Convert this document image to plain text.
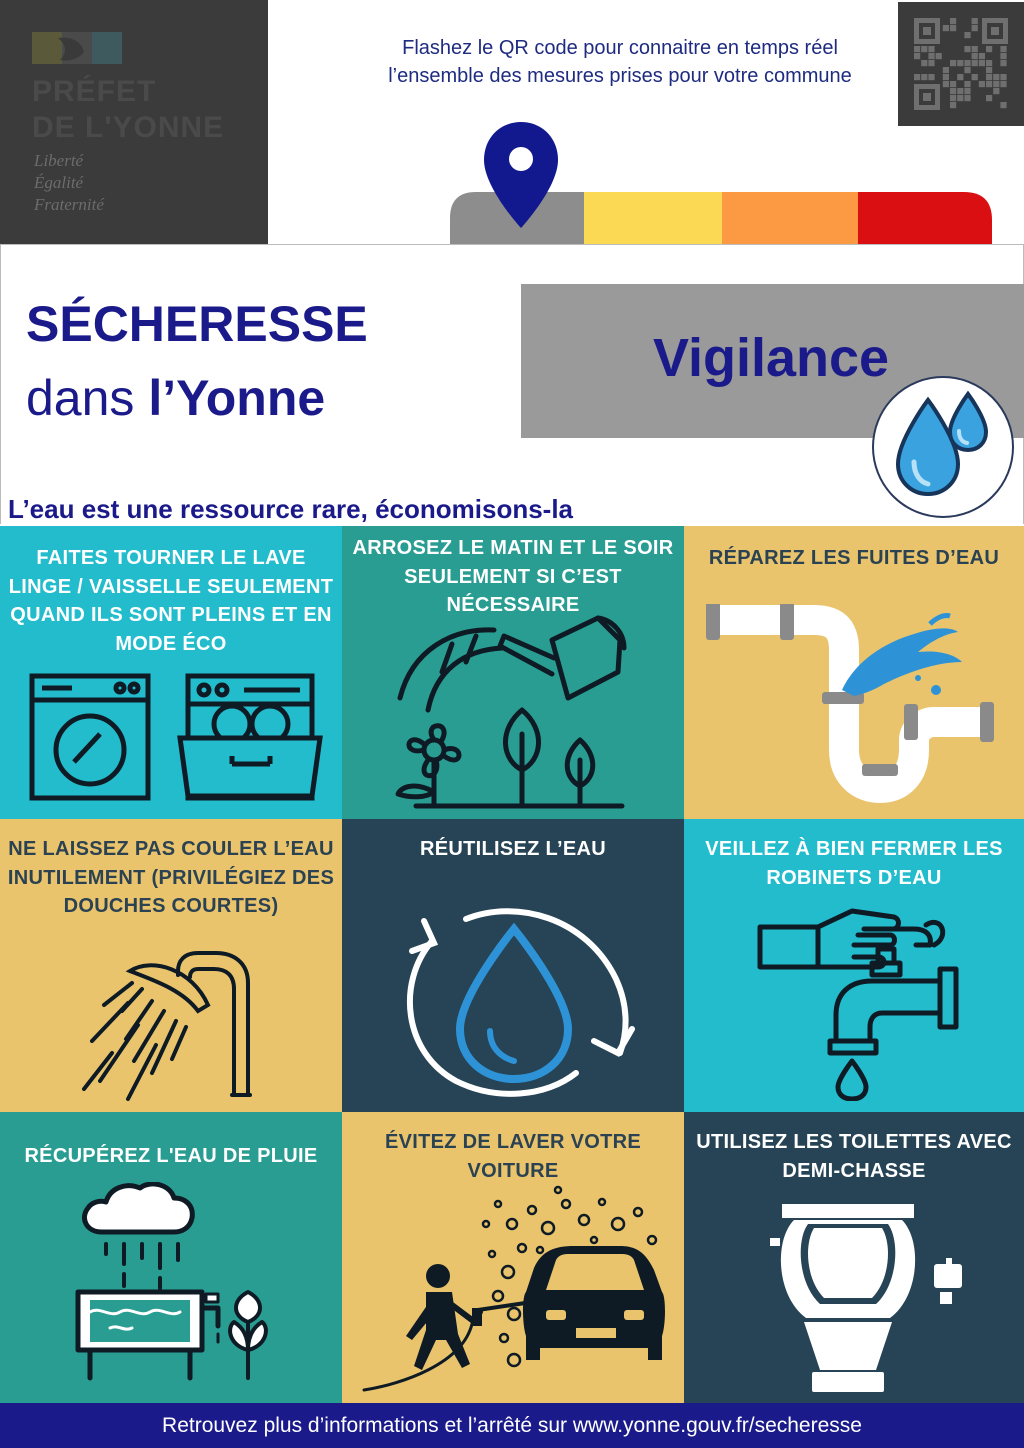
PRÉFET
DE L'YONNE
Liberté
Égalité
Fraternité
Flashez le QR code pour connaitre en temps réel
l’ensemble des mesures prises pour votre commune
SÉCHERESSE
dans l’Yonne
Vigilance
L’eau est une ressource rare, économisons-la
FAITES TOURNER LE LAVE LINGE / VAISSELLE SEULEMENT QUAND ILS SONT PLEINS ET EN MODE ÉCO
ARROSEZ LE MATIN ET LE SOIR SEULEMENT SI C’EST NÉCESSAIRE
RÉPAREZ LES FUITES D’EAU
NE LAISSEZ PAS COULER L’EAU INUTILEMENT (PRIVILÉGIEZ DES DOUCHES COURTES)
RÉUTILISEZ L’EAU	VEILLEZ À BIEN FERMER LES ROBINETS D’EAU
RÉCUPÉREZ L'EAU DE PLUIE
ÉVITEZ DE LAVER VOTRE VOITURE
UTILISEZ LES TOILETTES AVEC DEMI-CHASSE
Retrouvez plus d’informations et l’arrêté sur www.yonne.gouv.fr/secheresse
